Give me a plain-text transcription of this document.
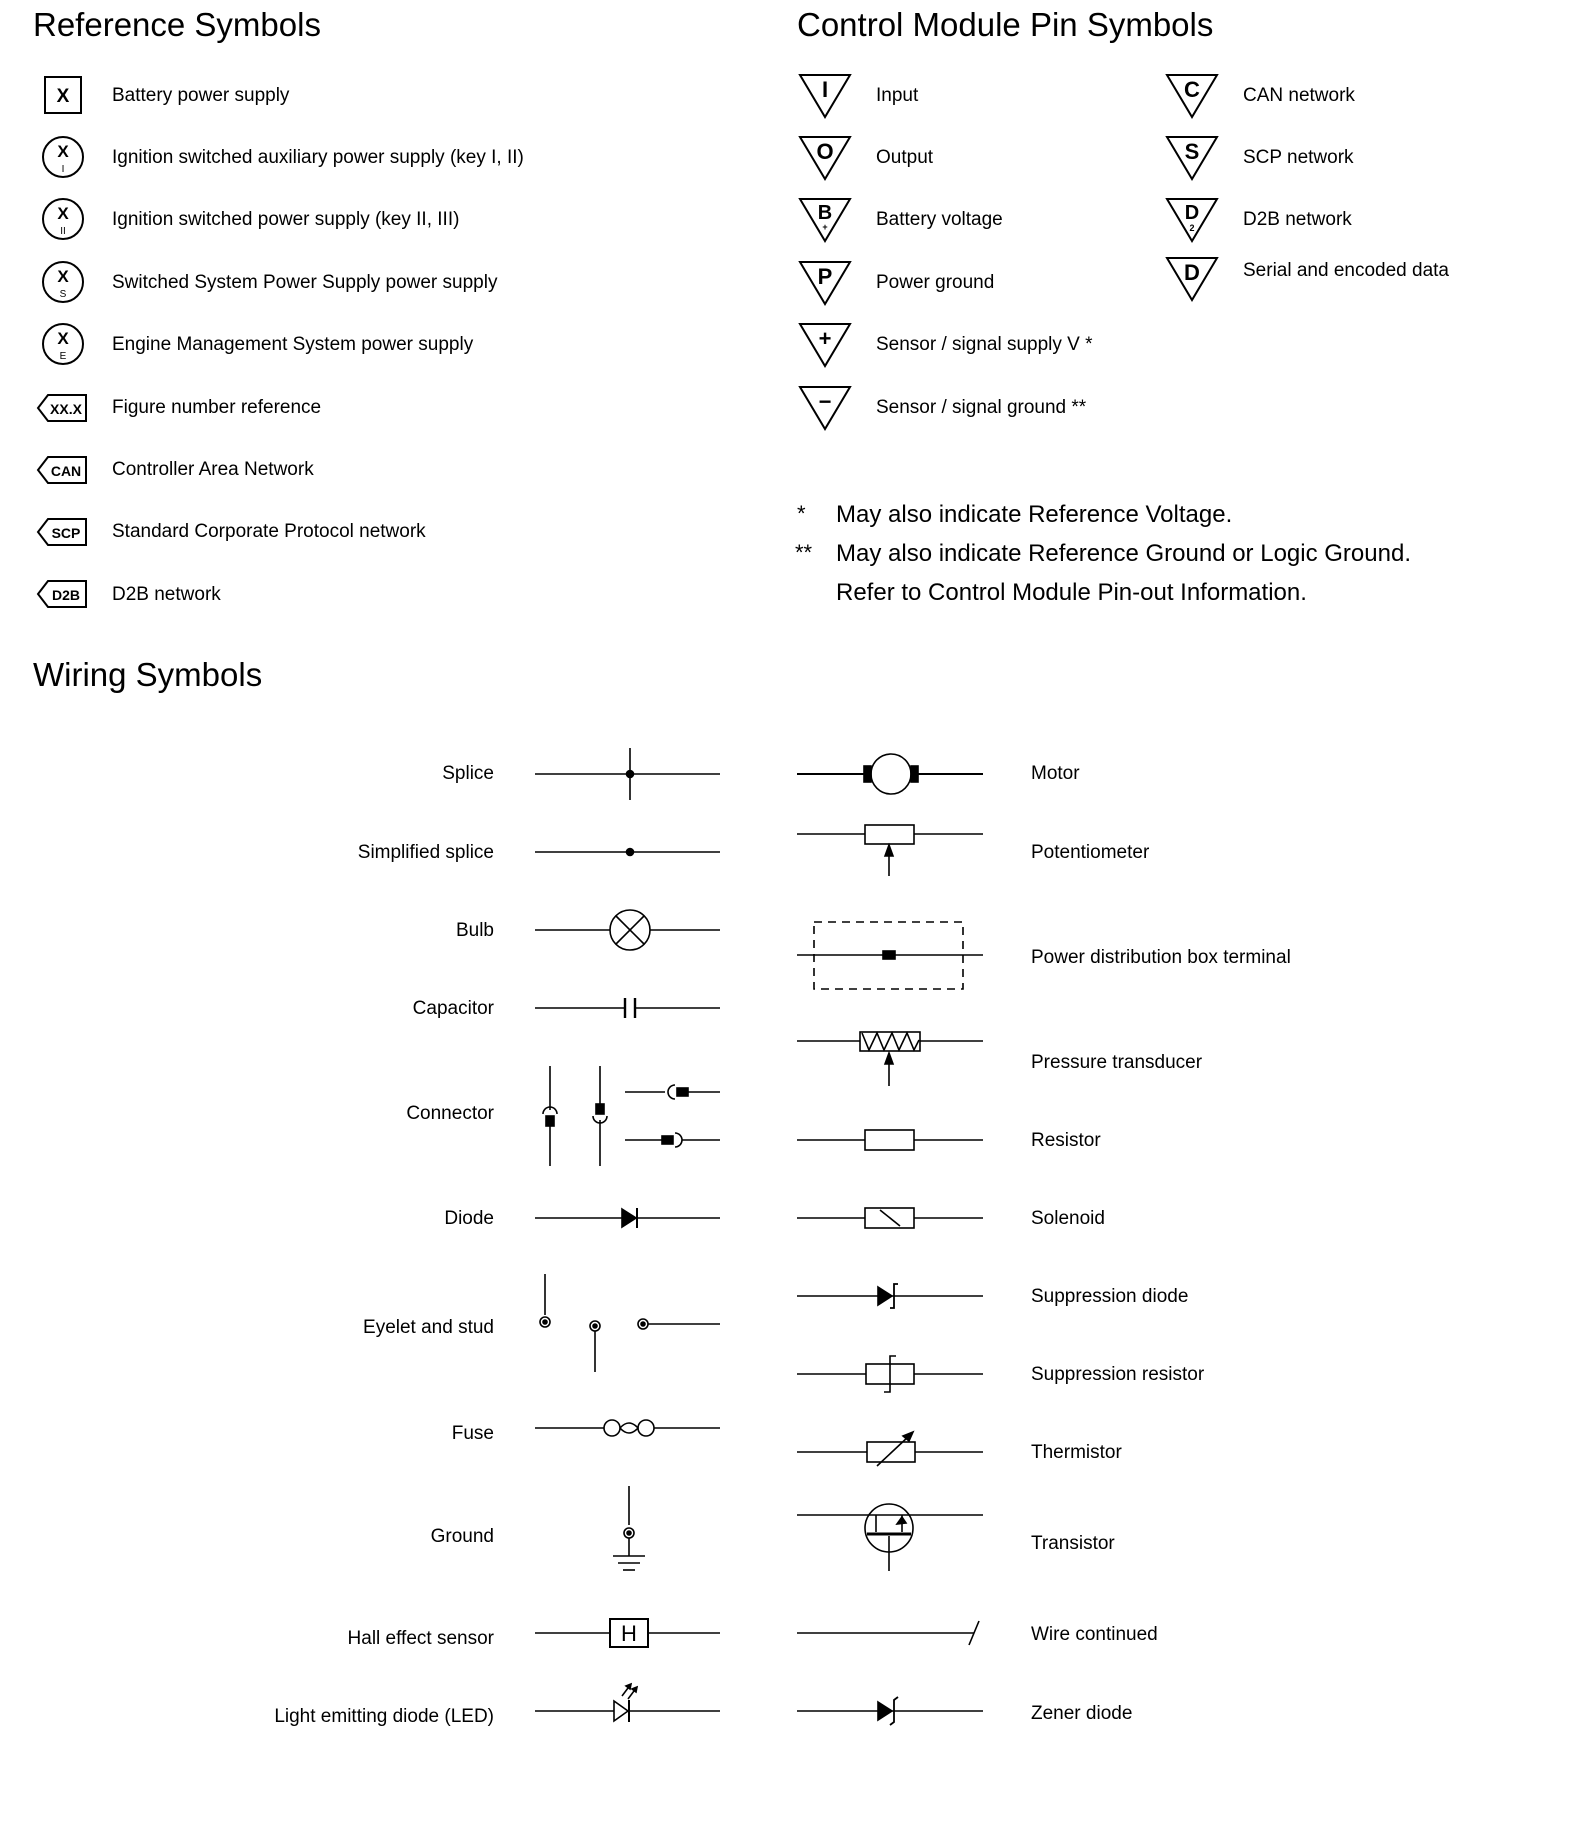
Reference Symbols	Control Module Pin Symbols
Wiring Symbols
Battery power supply
Ignition switched auxiliary power supply (key I, II)
Ignition switched power supply (key II, III)
Switched System Power Supply power supply
Engine Management System power supply
Figure number reference
Controller Area Network
Standard Corporate Protocol network
D2B network
Input
Output
Battery voltage
Power ground
Sensor / signal supply V *
Sensor / signal ground **
CAN network
SCP network
D2B network
Serial and encoded data
* May also indicate Reference Voltage.
** May also indicate Reference Ground or Logic Ground.
Refer to Control Module Pin-out Information.
Splice
Simplified splice
Bulb
Capacitor
Connector
Diode
Eyelet and stud
Fuse
Ground
Hall effect sensor
Light emitting diode (LED)
Motor
Potentiometer
Power distribution box terminal
Pressure transducer
Resistor
Solenoid
Suppression diode
Suppression resistor
Thermistor
Transistor
Wire continued
Zener diode
X
X
I
X
II
X
S
X
E
XX.X
CAN
SCP
D2B
I
O
B
+
P
+
−
C
S
D
2
D
H
